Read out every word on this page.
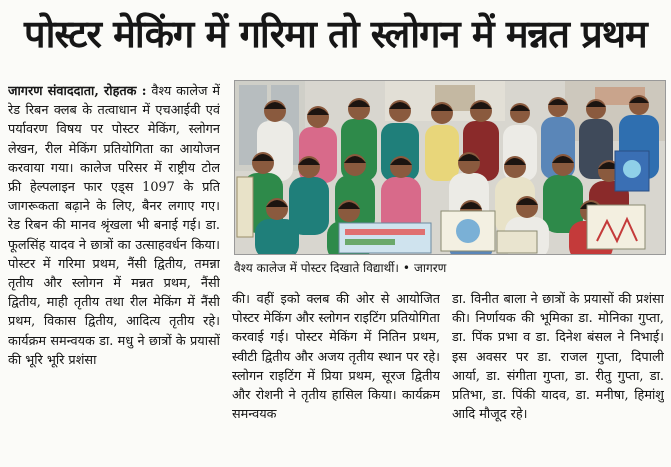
पोस्टर मेकिंग में गरिमा तो स्लोगन में मन्नत प्रथम
जागरण संवाददाता, रोहतक : वैश्य कालेज में रेड रिबन क्लब के तत्वाधान में एचआईवी एवं पर्यावरण विषय पर पोस्टर मेकिंग, स्लोगन लेखन, रील मेकिंग प्रतियोगिता का आयोजन करवाया गया। कालेज परिसर में राष्ट्रीय टोल फ्री हेल्पलाइन फार एड्स 1097 के प्रति जागरूकता बढ़ाने के लिए, बैनर लगाए गए। रेड रिबन की मानव श्रृंखला भी बनाई गई। डा. फूलसिंह यादव ने छात्रों का उत्साहवर्धन किया। पोस्टर में गरिमा प्रथम, नैंसी द्वितीय, तमन्ना तृतीय और स्लोगन में मन्नत प्रथम, नैंसी द्वितीय, माही तृतीय तथा रील मेकिंग में नैंसी प्रथम, विकास द्वितीय, आदित्य तृतीय रहे। कार्यक्रम समन्वयक डा. मधु ने छात्रों के प्रयासों की भूरि भूरि प्रशंसा
वैश्य कालेज में पोस्टर दिखाते विद्यार्थी। • जागरण
की। वहीं इको क्लब की ओर से आयोजित पोस्टर मेकिंग और स्लोगन राइटिंग प्रतियोगिता करवाई गई। पोस्टर मेकिंग में नितिन प्रथम, स्वीटी द्वितीय और अजय तृतीय स्थान पर रहे। स्लोगन राइटिंग में प्रिया प्रथम, सूरज द्वितीय और रोशनी ने तृतीय हासिल किया। कार्यक्रम समन्वयक
डा. विनीत बाला ने छात्रों के प्रयासों की प्रशंसा की। निर्णायक की भूमिका डा. मोनिका गुप्ता, डा. पिंक प्रभा व डा. दिनेश बंसल ने निभाई। इस अवसर पर डा. राजल गुप्ता, दिपाली आर्या, डा. संगीता गुप्ता, डा. रीतु गुप्ता, डा. प्रतिभा, डा. पिंकी यादव, डा. मनीषा, हिमांशु आदि मौजूद रहे।
